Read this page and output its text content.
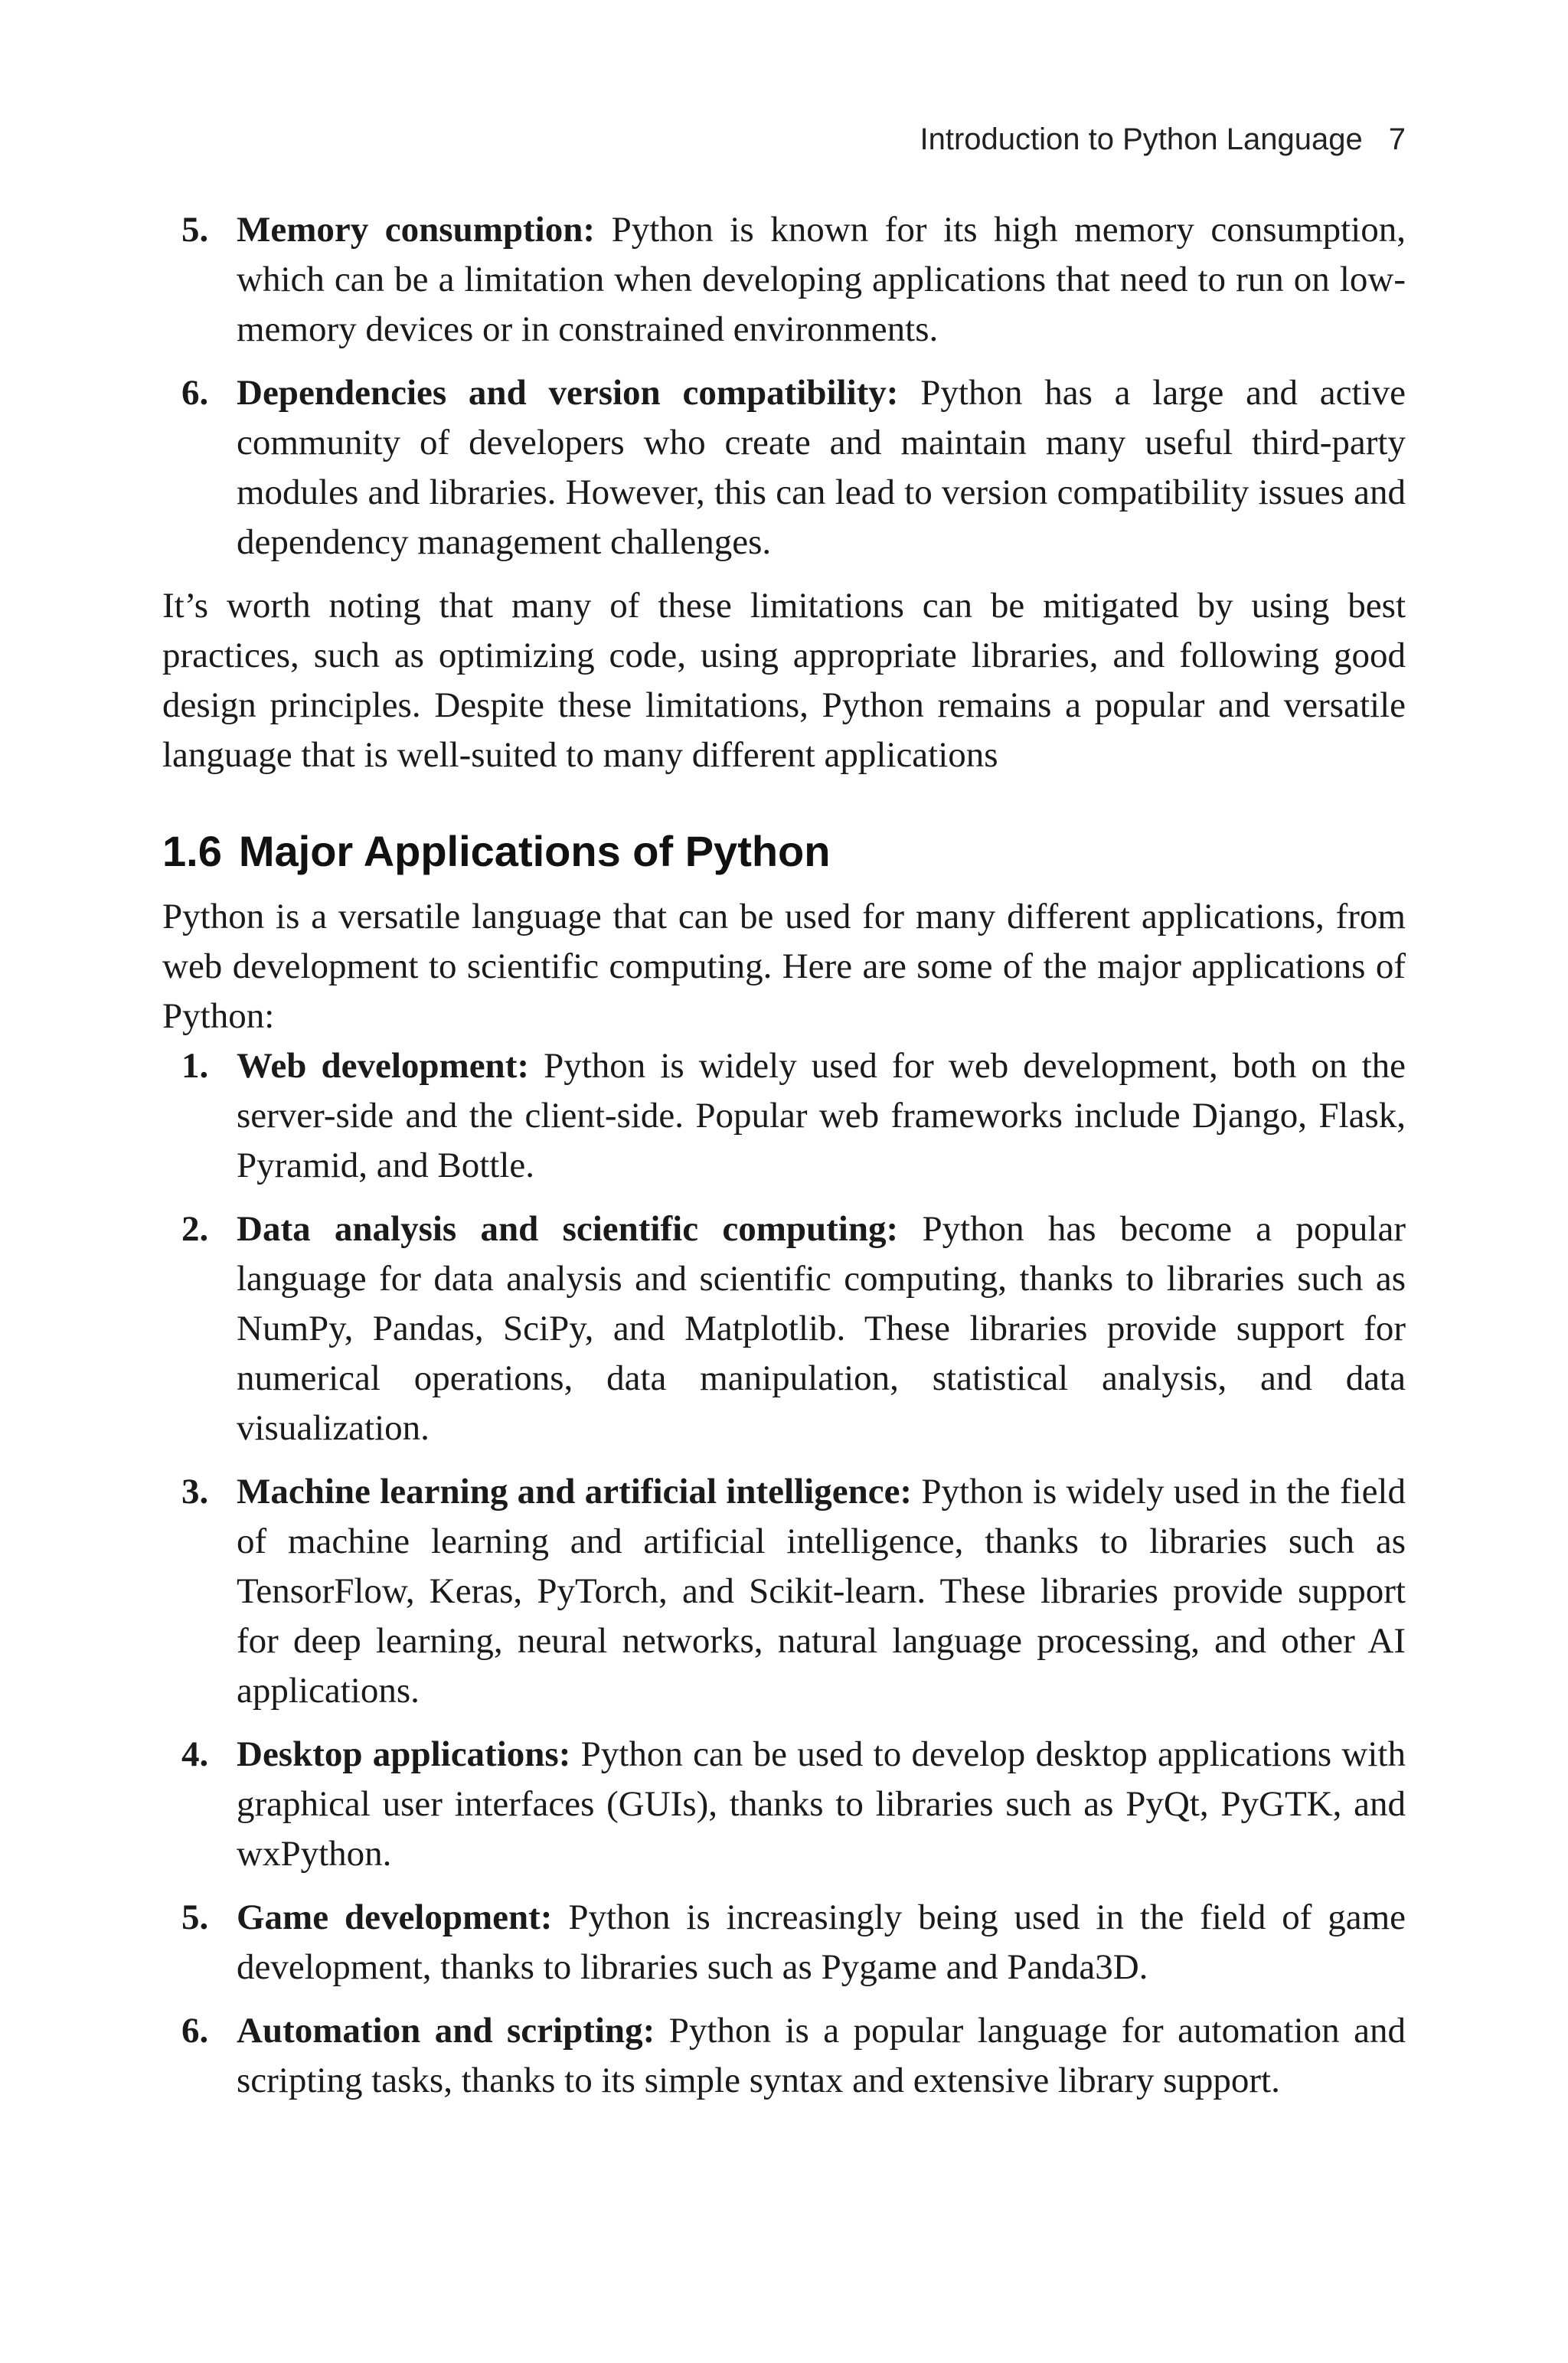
Introduction to Python Language 7
5. Memory consumption: Python is known for its high memory consumption, which can be a limitation when developing applications that need to run on low-memory devices or in constrained environments.
6. Dependencies and version compatibility: Python has a large and active community of developers who create and maintain many useful third-party modules and libraries. However, this can lead to version compatibility issues and dependency management challenges.

It’s worth noting that many of these limitations can be mitigated by using best practices, such as optimizing code, using appropriate libraries, and following good design principles. Despite these limitations, Python remains a popular and versatile language that is well-suited to many different applications

1.6 Major Applications of Python

Python is a versatile language that can be used for many different applications, from web development to scientific computing. Here are some of the major applications of Python:

1. Web development: Python is widely used for web development, both on the server-side and the client-side. Popular web frameworks include Django, Flask, Pyramid, and Bottle.
2. Data analysis and scientific computing: Python has become a popular language for data analysis and scientific computing, thanks to libraries such as NumPy, Pandas, SciPy, and Matplotlib. These libraries provide support for numerical operations, data manipulation, statistical analysis, and data visualization.
3. Machine learning and artificial intelligence: Python is widely used in the field of machine learning and artificial intelligence, thanks to libraries such as TensorFlow, Keras, PyTorch, and Scikit-learn. These libraries provide support for deep learning, neural networks, natural language processing, and other AI applications.
4. Desktop applications: Python can be used to develop desktop applications with graphical user interfaces (GUIs), thanks to libraries such as PyQt, PyGTK, and wxPython.
5. Game development: Python is increasingly being used in the field of game development, thanks to libraries such as Pygame and Panda3D.
6. Automation and scripting: Python is a popular language for automation and scripting tasks, thanks to its simple syntax and extensive library support.
